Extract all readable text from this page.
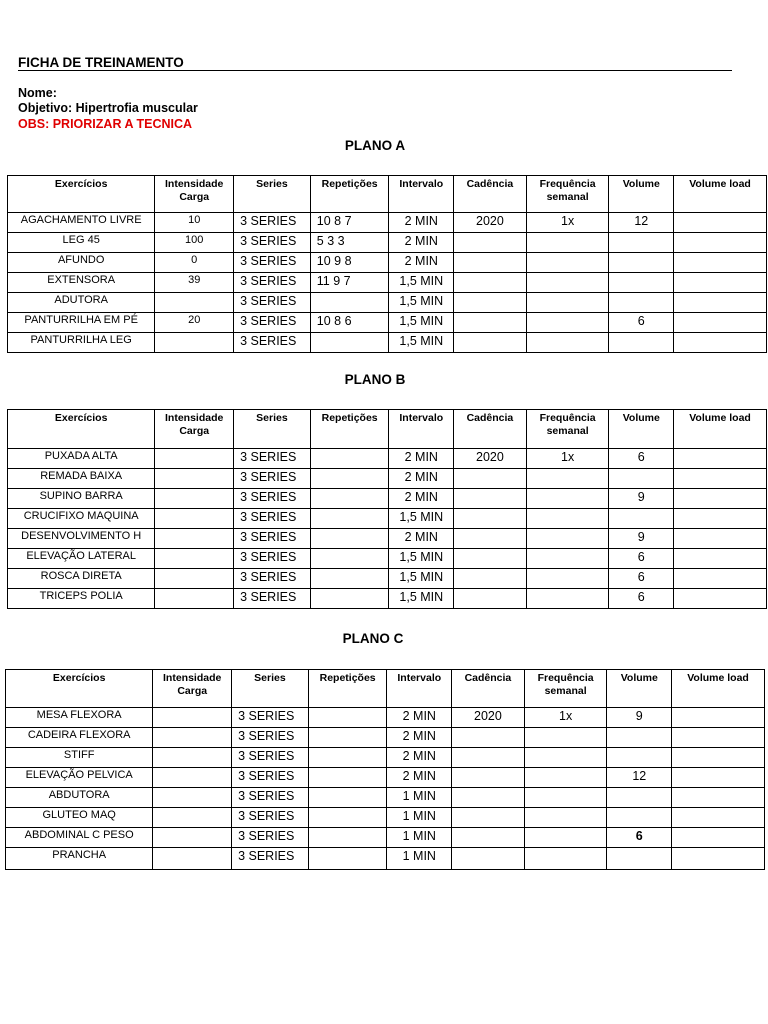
FICHA DE TREINAMENTO
Nome:
Objetivo: Hipertrofia muscular
OBS: PRIORIZAR A TECNICA
PLANO A
Exercícios	Intensidade Carga	Series	Repetições	Intervalo	Cadência	Frequência semanal	Volume	Volume load
AGACHAMENTO LIVRE	10	3 SERIES	10 8 7	2 MIN	2020	1x	12	
LEG 45	100	3 SERIES	5 3 3	2 MIN				
AFUNDO	0	3 SERIES	10 9 8	2 MIN				
EXTENSORA	39	3 SERIES	11 9 7	1,5 MIN				
ADUTORA		3 SERIES		1,5 MIN				
PANTURRILHA EM PÉ	20	3 SERIES	10 8 6	1,5 MIN			6	
PANTURRILHA LEG		3 SERIES		1,5 MIN				
PLANO B
Exercícios	Intensidade Carga	Series	Repetições	Intervalo	Cadência	Frequência semanal	Volume	Volume load
PUXADA ALTA		3 SERIES		2 MIN	2020	1x	6	
REMADA BAIXA		3 SERIES		2 MIN				
SUPINO BARRA		3 SERIES		2 MIN			9	
CRUCIFIXO MAQUINA		3 SERIES		1,5 MIN				
DESENVOLVIMENTO H		3 SERIES		2 MIN			9	
ELEVAÇÃO LATERAL		3 SERIES		1,5 MIN			6	
ROSCA DIRETA		3 SERIES		1,5 MIN			6	
TRICEPS POLIA		3 SERIES		1,5 MIN			6	
PLANO C
Exercícios	Intensidade Carga	Series	Repetições	Intervalo	Cadência	Frequência semanal	Volume	Volume load
MESA FLEXORA		3 SERIES		2 MIN	2020	1x	9	
CADEIRA FLEXORA		3 SERIES		2 MIN				
STIFF		3 SERIES		2 MIN				
ELEVAÇÃO PELVICA		3 SERIES		2 MIN			12	
ABDUTORA		3 SERIES		1 MIN				
GLUTEO MAQ		3 SERIES		1 MIN				
ABDOMINAL C PESO		3 SERIES		1 MIN			6	
PRANCHA		3 SERIES		1 MIN				
